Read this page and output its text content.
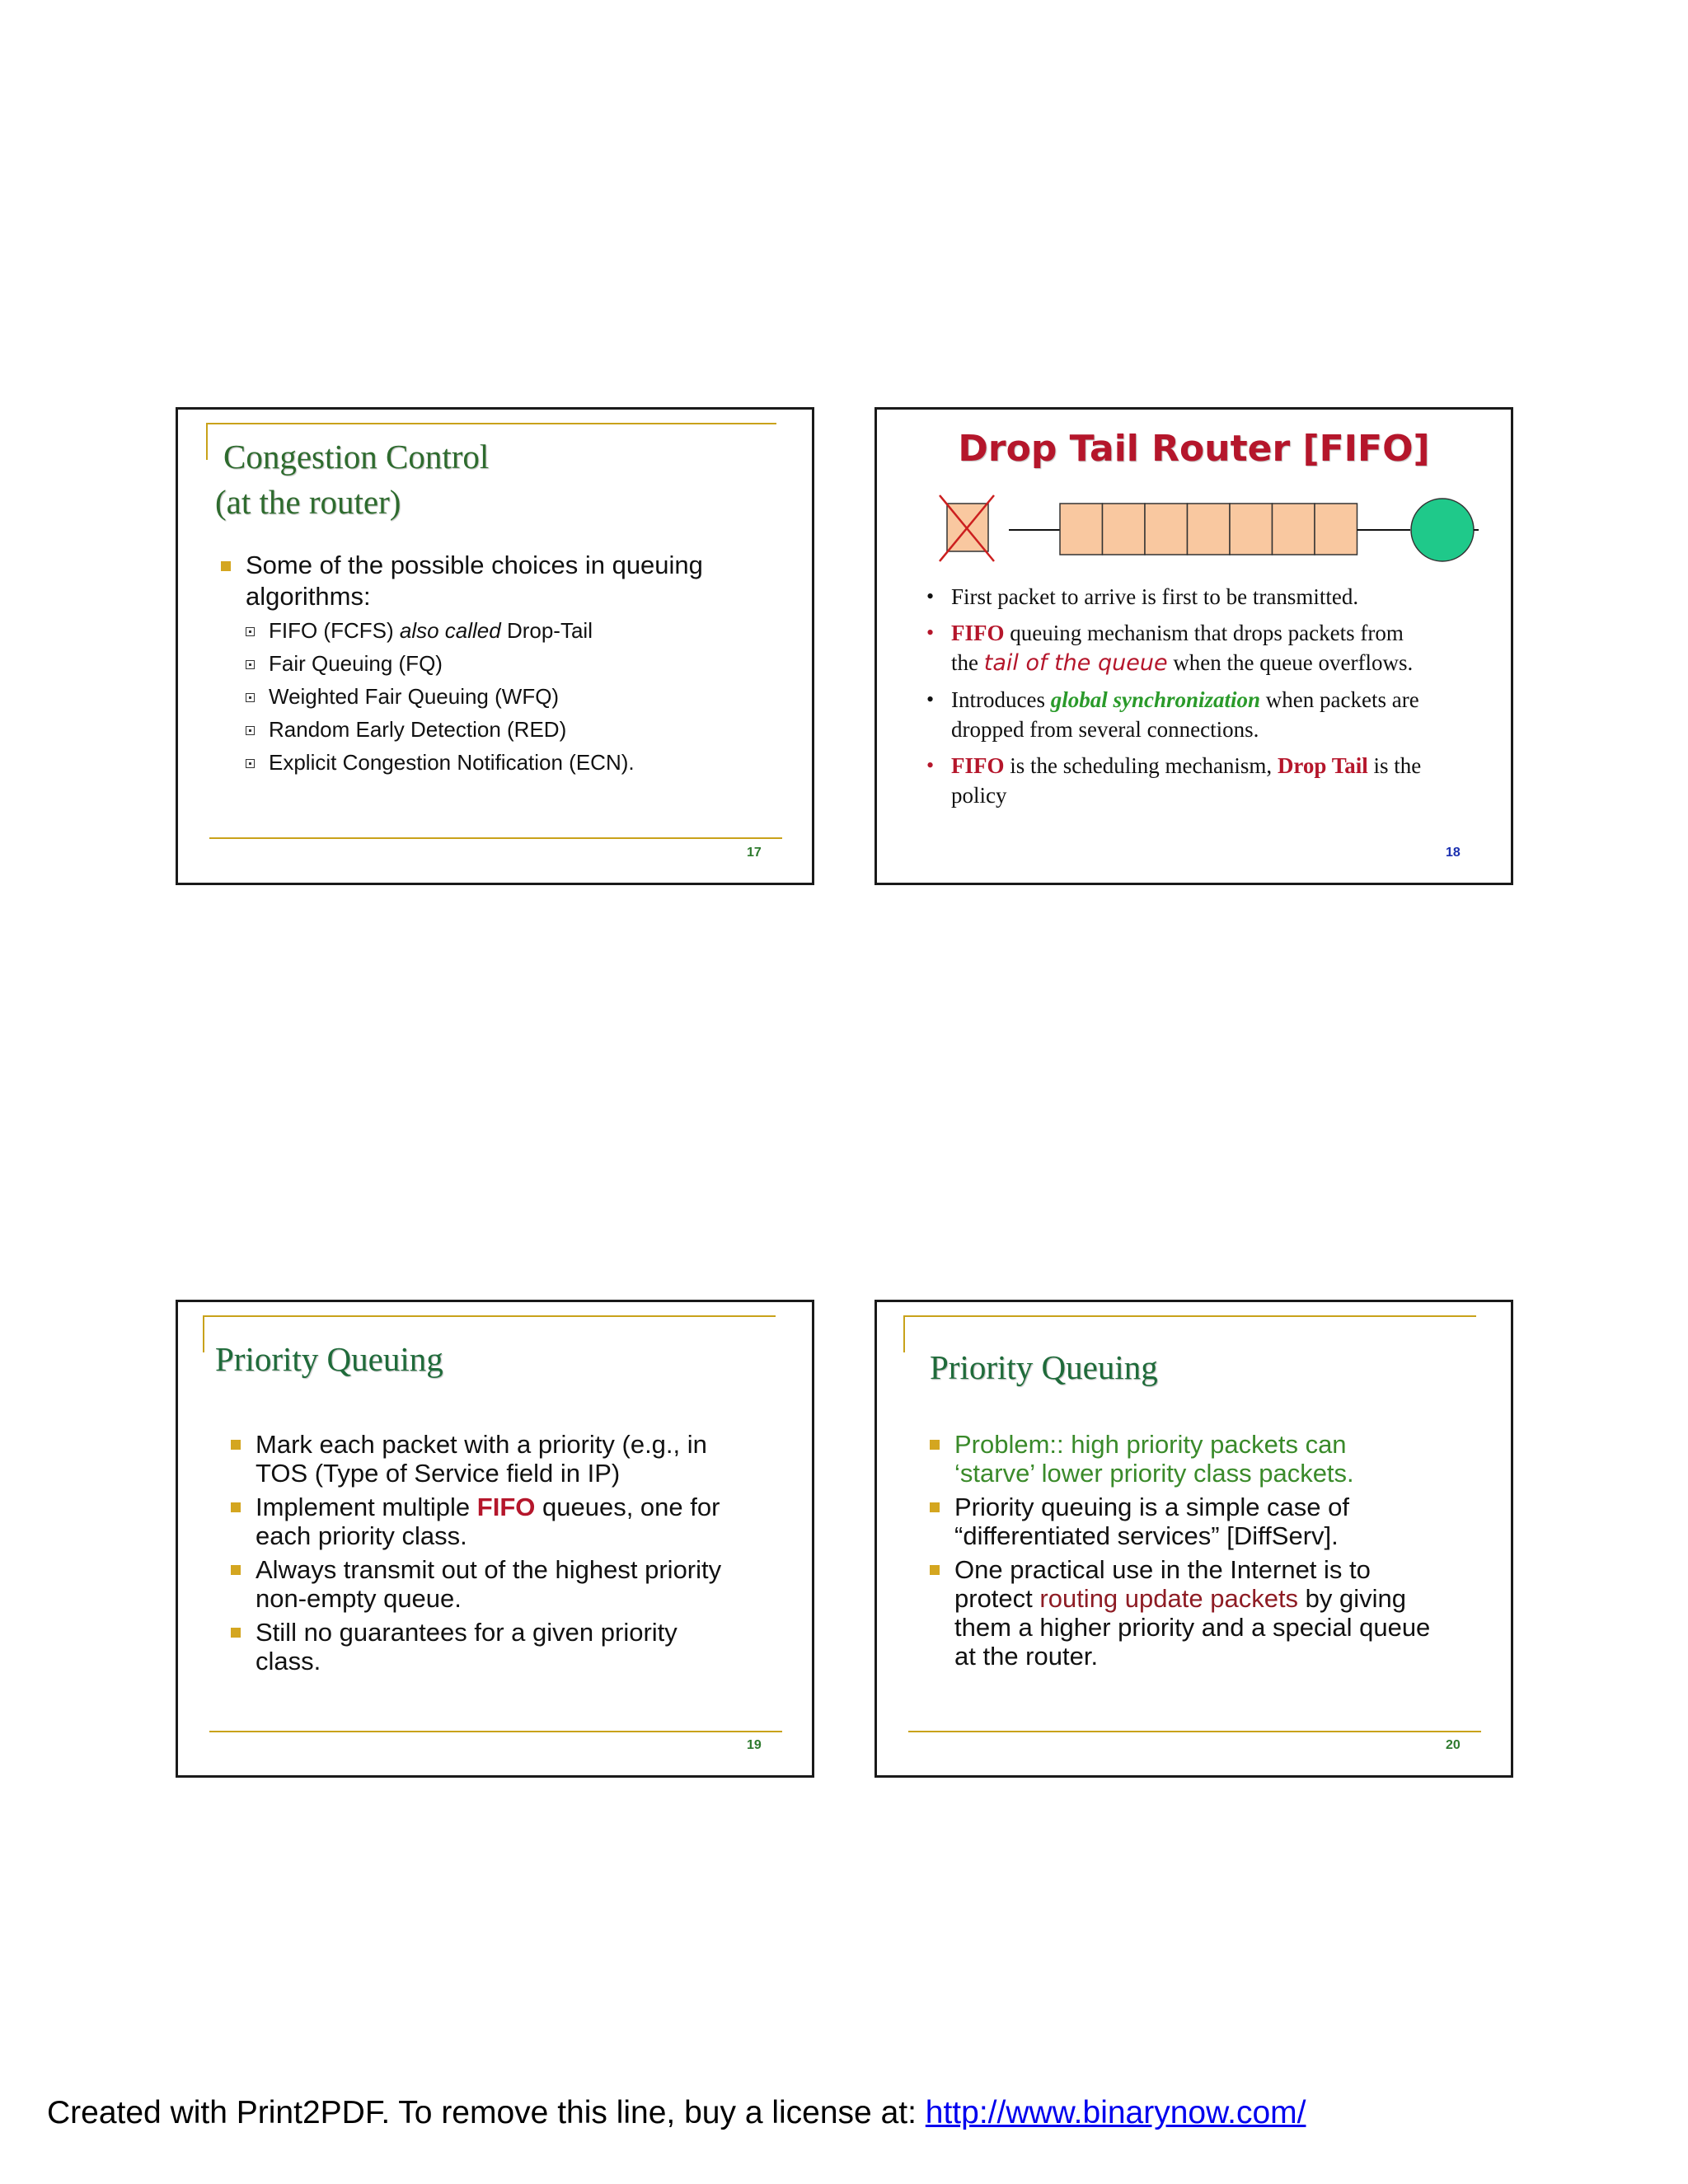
Congestion Control
(at the router)
Some of the possible choices in queuing
algorithms:
FIFO (FCFS) also called Drop-Tail
Fair Queuing (FQ)
Weighted Fair Queuing (WFQ)
Random Early Detection (RED)
Explicit Congestion Notification (ECN).
17
Drop Tail Router [FIFO]
• First packet to arrive is first to be transmitted.
• FIFO queuing mechanism that drops packets from
the tail of the queue when the queue overflows.
• Introduces global synchronization when packets are
dropped from several connections.
• FIFO is the scheduling mechanism, Drop Tail is the
policy
18
Priority Queuing
Mark each packet with a priority (e.g., in
TOS (Type of Service field in IP)
Implement multiple FIFO queues, one for
each priority class.
Always transmit out of the highest priority
non-empty queue.
Still no guarantees for a given priority
class.
19
Priority Queuing
Problem:: high priority packets can
‘starve’ lower priority class packets.
Priority queuing is a simple case of
“differentiated services” [DiffServ].
One practical use in the Internet is to
protect routing update packets by giving
them a higher priority and a special queue
at the router.
20
Created with Print2PDF. To remove this line, buy a license at: http://www.binarynow.com/
